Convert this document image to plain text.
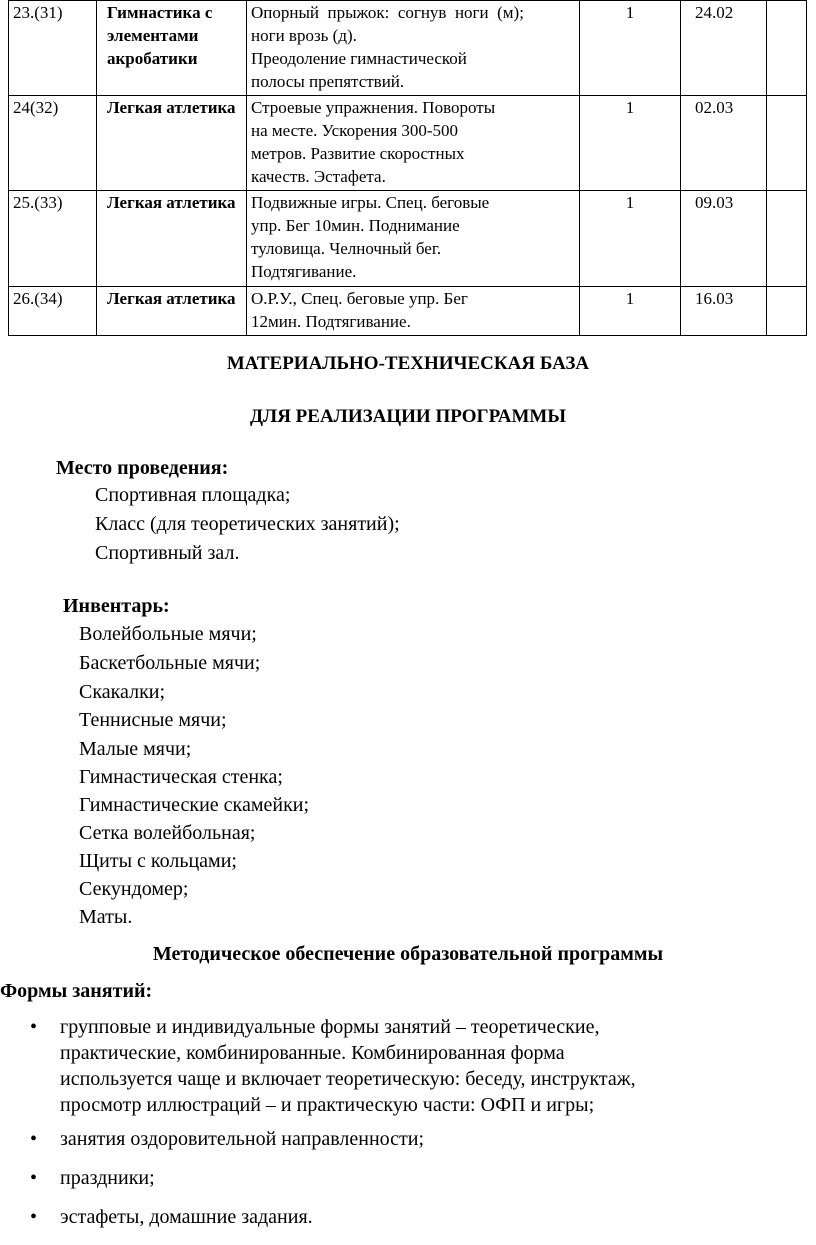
23.(31)	Гимнастика с элементами акробатики	Опорный  прыжок:  согнув  ноги  (м);
ноги врозь (д).
Преодоление гимнастической
полосы препятствий.	1	24.02	
24(32)	Легкая атлетика	Строевые упражнения. Повороты
на месте. Ускорения 300-500
метров. Развитие скоростных
качеств. Эстафета.	1	02.03	
25.(33)	Легкая атлетика	Подвижные игры. Спец. беговые
упр. Бег 10мин. Поднимание
туловища. Челночный бег.
Подтягивание.	1	09.03	
26.(34)	Легкая атлетика	О.Р.У., Спец. беговые упр. Бег
12мин. Подтягивание.	1	16.03	
МАТЕРИАЛЬНО-ТЕХНИЧЕСКАЯ БАЗА
ДЛЯ РЕАЛИЗАЦИИ ПРОГРАММЫ
Место проведения:
Спортивная площадка;
Класс (для теоретических занятий);
Спортивный зал.
Инвентарь:
Волейбольные мячи;
Баскетбольные мячи;
Скакалки;
Теннисные мячи;
Малые мячи;
Гимнастическая стенка;
Гимнастические скамейки;
Сетка волейбольная;
Щиты с кольцами;
Секундомер;
Маты.
Методическое обеспечение образовательной программы
Формы занятий:
• групповые и индивидуальные формы занятий – теоретические,
практические, комбинированные. Комбинированная форма
используется чаще и включает теоретическую: беседу, инструктаж,
просмотр иллюстраций – и практическую части: ОФП и игры;
• занятия оздоровительной направленности;
• праздники;
• эстафеты, домашние задания.
